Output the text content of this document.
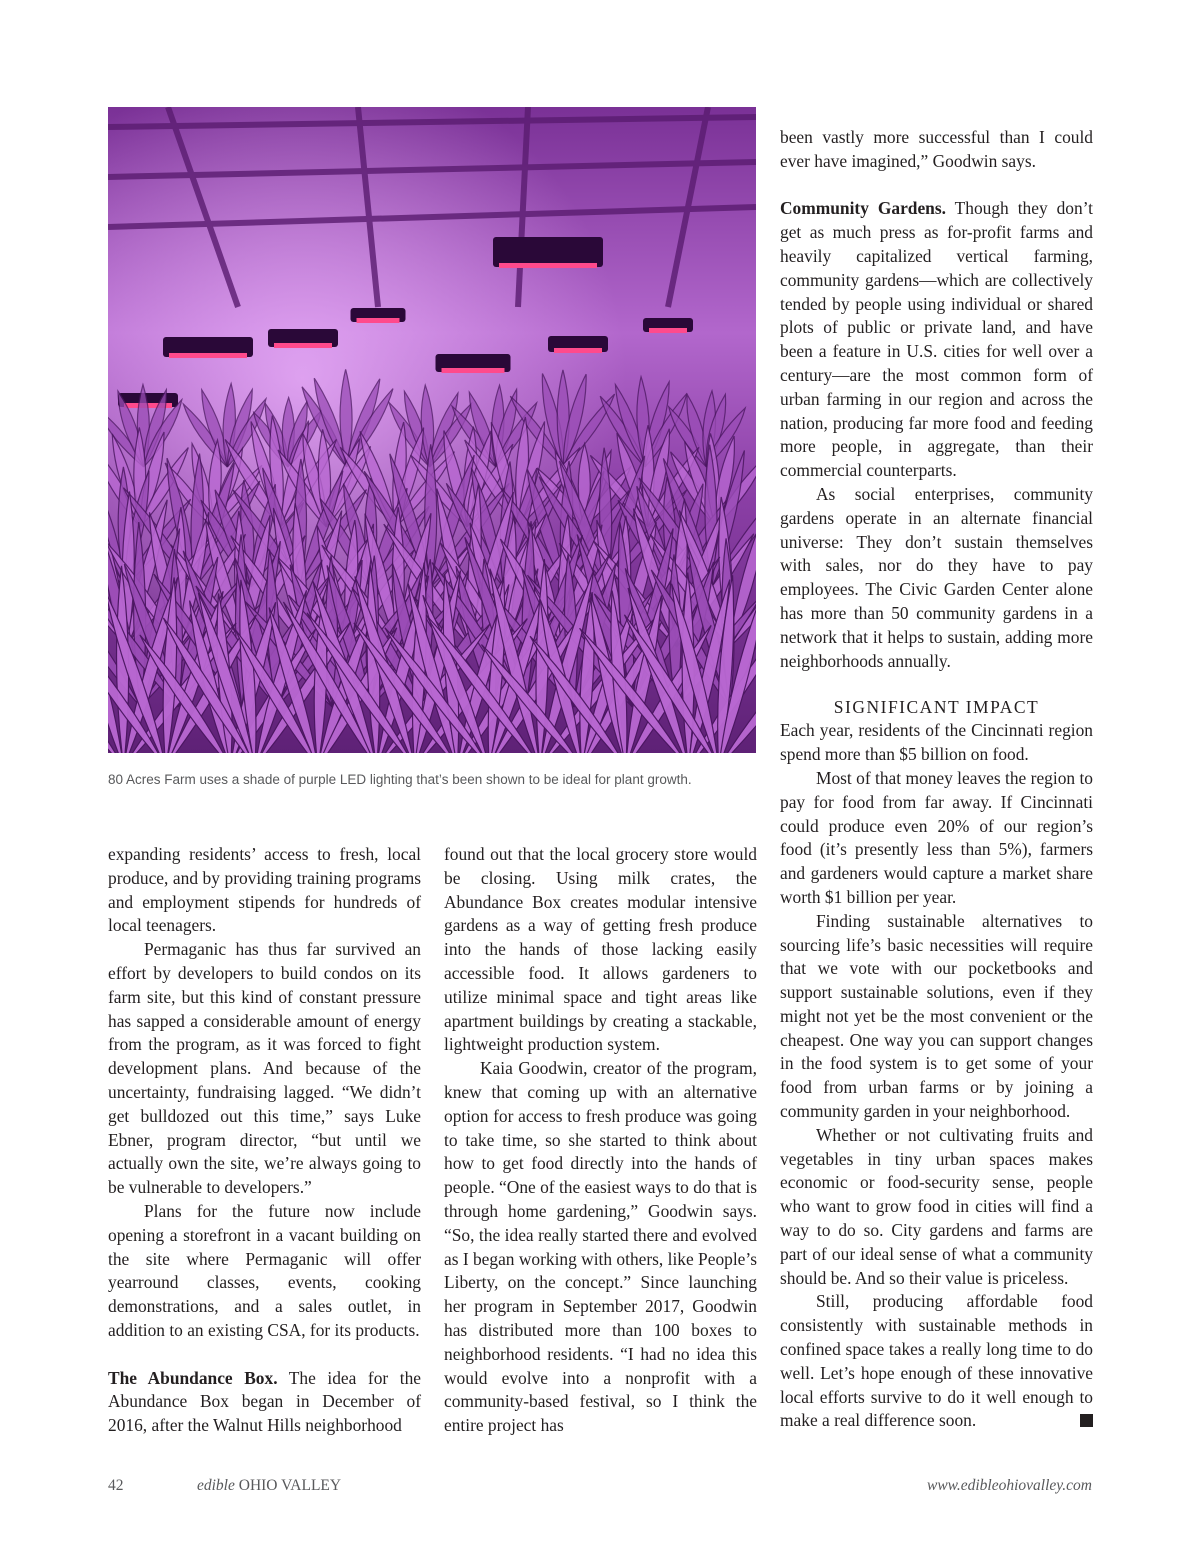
80 Acres Farm uses a shade of purple LED lighting that’s been shown to be ideal for plant growth.

expanding residents’ access to fresh, local produce, and by providing training programs and employment stipends for hundreds of local teenagers.

Permaganic has thus far survived an effort by developers to build condos on its farm site, but this kind of constant pressure has sapped a considerable amount of energy from the program, as it was forced to fight development plans. And because of the uncertainty, fundraising lagged. “We didn’t get bulldozed out this time,” says Luke Ebner, program director, “but until we actually own the site, we’re always going to be vulnerable to developers.”

Plans for the future now include opening a storefront in a vacant building on the site where Permaganic will offer yearround classes, events, cooking demonstrations, and a sales outlet, in addition to an existing CSA, for its products.

The Abundance Box. The idea for the Abundance Box began in December of 2016, after the Walnut Hills neighborhood

found out that the local grocery store would be closing. Using milk crates, the Abundance Box creates modular intensive gardens as a way of getting fresh produce into the hands of those lacking easily accessible food. It allows gardeners to utilize minimal space and tight areas like apartment buildings by creating a stackable, lightweight production system.

Kaia Goodwin, creator of the program, knew that coming up with an alternative option for access to fresh produce was going to take time, so she started to think about how to get food directly into the hands of people. “One of the easiest ways to do that is through home gardening,” Goodwin says. “So, the idea really started there and evolved as I began working with others, like People’s Liberty, on the concept.” Since launching her program in September 2017, Goodwin has distributed more than 100 boxes to neighborhood residents. “I had no idea this would evolve into a nonprofit with a community-based festival, so I think the entire project has

been vastly more successful than I could ever have imagined,” Goodwin says.

Community Gardens. Though they don’t get as much press as for-profit farms and heavily capitalized vertical farming, community gardens—which are collectively tended by people using individual or shared plots of public or private land, and have been a feature in U.S. cities for well over a century—are the most common form of urban farming in our region and across the nation, producing far more food and feeding more people, in aggregate, than their commercial counterparts.

As social enterprises, community gardens operate in an alternate financial universe: They don’t sustain themselves with sales, nor do they have to pay employees. The Civic Garden Center alone has more than 50 community gardens in a network that it helps to sustain, adding more neighborhoods annually.

SIGNIFICANT IMPACT

Each year, residents of the Cincinnati region spend more than $5 billion on food.

Most of that money leaves the region to pay for food from far away. If Cincinnati could produce even 20% of our region’s food (it’s presently less than 5%), farmers and gardeners would capture a market share worth $1 billion per year.

Finding sustainable alternatives to sourcing life’s basic necessities will require that we vote with our pocketbooks and support sustainable solutions, even if they might not yet be the most convenient or the cheapest. One way you can support changes in the food system is to get some of your food from urban farms or by joining a community garden in your neighborhood.

Whether or not cultivating fruits and vegetables in tiny urban spaces makes economic or food-security sense, people who want to grow food in cities will find a way to do so. City gardens and farms are part of our ideal sense of what a community should be. And so their value is priceless.

Still, producing affordable food consistently with sustainable methods in confined space takes a really long time to do well. Let’s hope enough of these innovative local efforts survive to do it well enough to make a real difference soon.

42	edible OHIO VALLEY	www.edibleohiovalley.com
